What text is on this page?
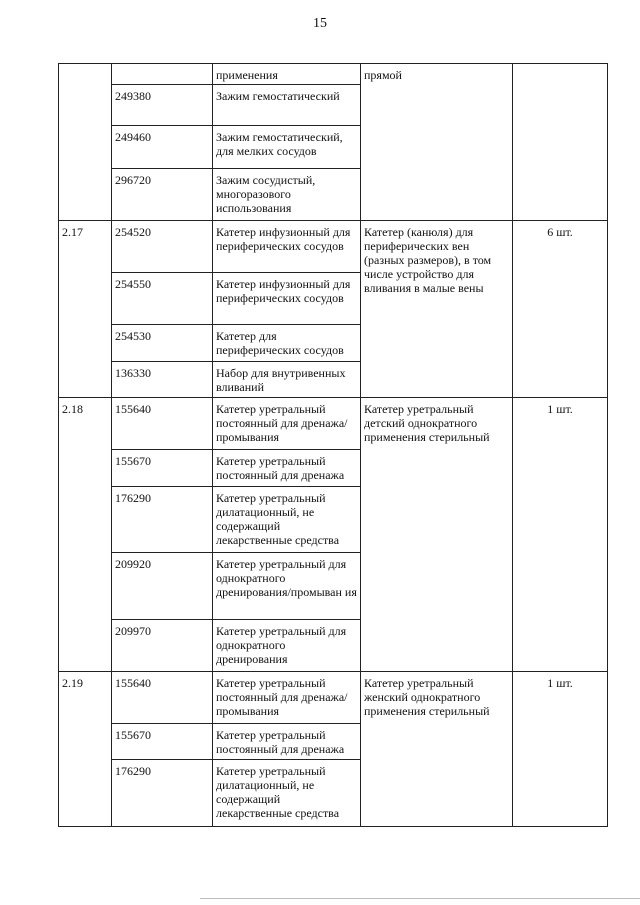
15
		применения	прямой	
	249380	Зажим гемостатический		
	249460	Зажим гемостатический, для мелких сосудов		
	296720	Зажим сосудистый, многоразового использования		
2.17	254520	Катетер инфузионный для периферических сосудов	Катетер (канюля) для периферических вен (разных размеров), в том числе устройство для вливания в малые вены	6 шт.
	254550	Катетер инфузионный для периферических сосудов		
	254530	Катетер для периферических сосудов		
	136330	Набор для внутривенных вливаний		
2.18	155640	Катетер уретральный постоянный для дренажа/промывания	Катетер уретральный детский однократного применения стерильный	1 шт.
	155670	Катетер уретральный постоянный для дренажа		
	176290	Катетер уретральный дилатационный, не содержащий лекарственные средства		
	209920	Катетер уретральный для однократного дренирования/промыван ия		
	209970	Катетер уретральный для однократного дренирования		
2.19	155640	Катетер уретральный постоянный для дренажа/промывания	Катетер уретральный женский однократного применения стерильный	1 шт.
	155670	Катетер уретральный постоянный для дренажа		
	176290	Катетер уретральный дилатационный, не содержащий лекарственные средства		
